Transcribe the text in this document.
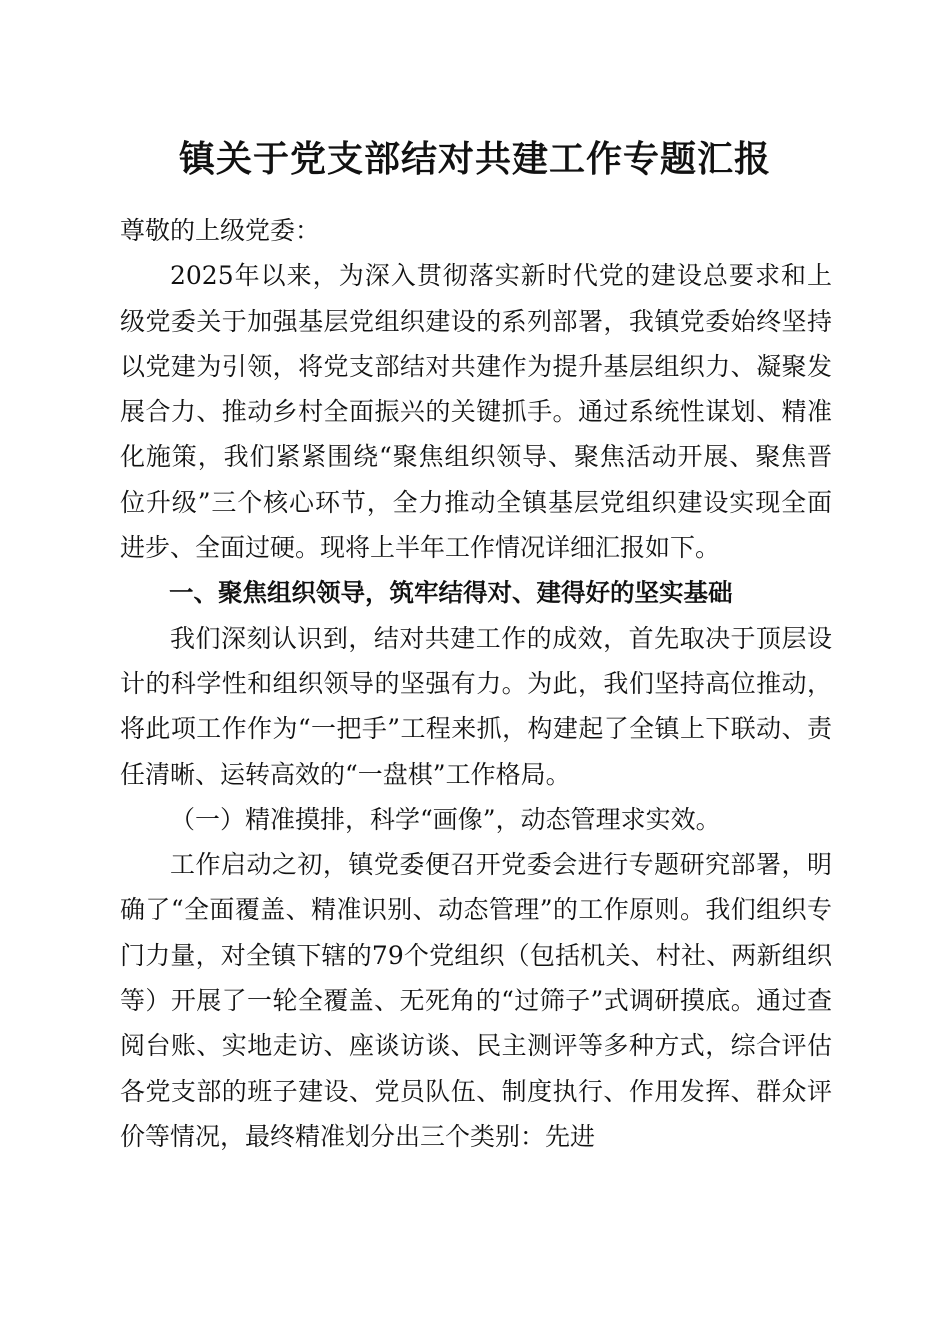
镇关于党支部结对共建工作专题汇报

尊敬的上级党委：

2025年以来，为深入贯彻落实新时代党的建设总要求和上级党委关于加强基层党组织建设的系列部署，我镇党委始终坚持以党建为引领，将党支部结对共建作为提升基层组织力、凝聚发展合力、推动乡村全面振兴的关键抓手。通过系统性谋划、精准化施策，我们紧紧围绕“聚焦组织领导、聚焦活动开展、聚焦晋位升级”三个核心环节，全力推动全镇基层党组织建设实现全面进步、全面过硬。现将上半年工作情况详细汇报如下。

一、聚焦组织领导，筑牢结得对、建得好的坚实基础

我们深刻认识到，结对共建工作的成效，首先取决于顶层设计的科学性和组织领导的坚强有力。为此，我们坚持高位推动，将此项工作作为“一把手”工程来抓，构建起了全镇上下联动、责任清晰、运转高效的“一盘棋”工作格局。

（一）精准摸排，科学“画像”，动态管理求实效。

工作启动之初，镇党委便召开党委会进行专题研究部署，明确了“全面覆盖、精准识别、动态管理”的工作原则。我们组织专门力量，对全镇下辖的79个党组织（包括机关、村社、两新组织等）开展了一轮全覆盖、无死角的“过筛子”式调研摸底。通过查阅台账、实地走访、座谈访谈、民主测评等多种方式，综合评估各党支部的班子建设、党员队伍、制度执行、作用发挥、群众评价等情况，最终精准划分出三个类别：先进
